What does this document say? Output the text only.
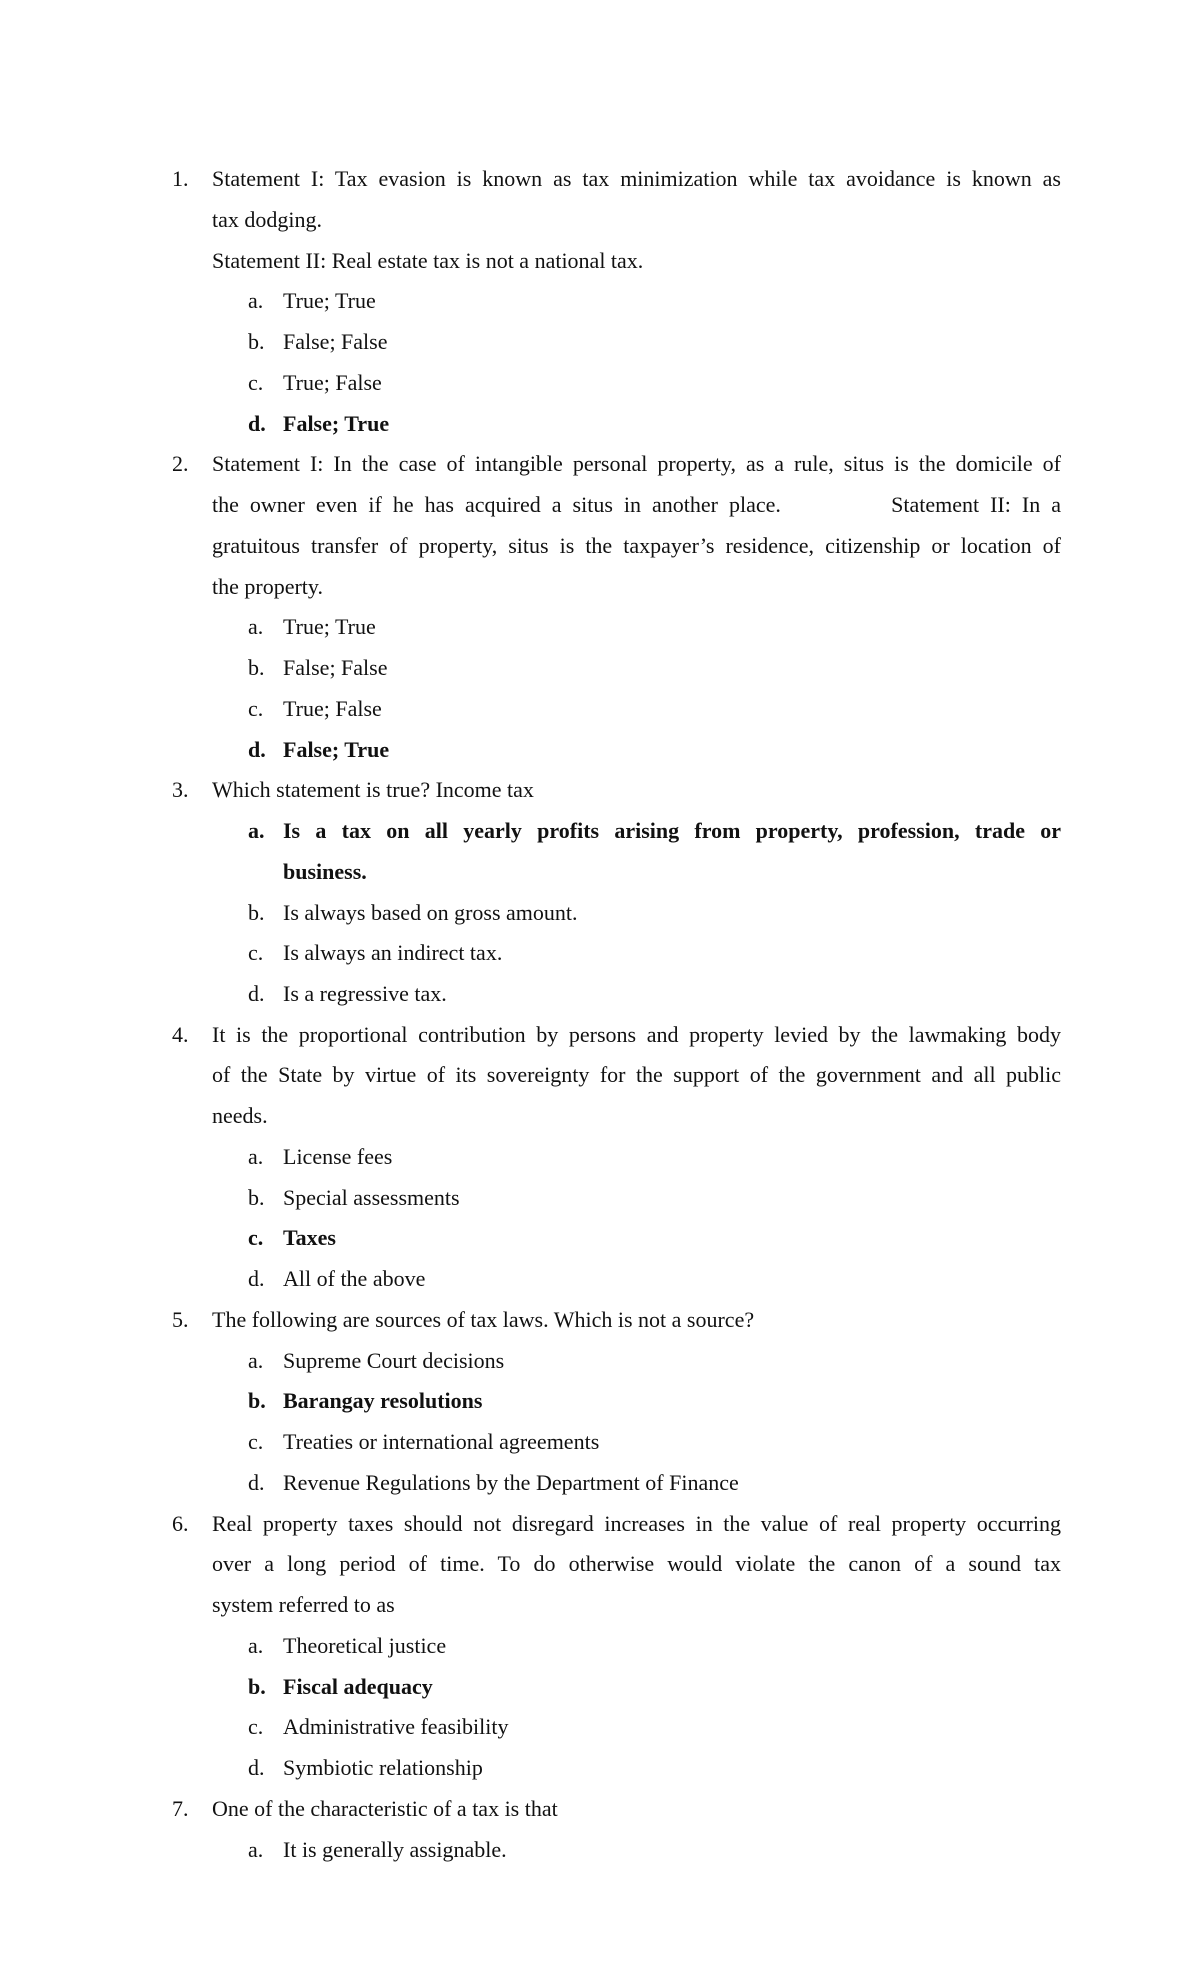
1. Statement I: Tax evasion is known as tax minimization while tax avoidance is known as
tax dodging.
Statement II: Real estate tax is not a national tax.
a. True; True
b. False; False
c. True; False
d. False; True
2. Statement I: In the case of intangible personal property, as a rule, situs is the domicile of
the owner even if he has acquired a situs in another place.          Statement II: In a
gratuitous transfer of property, situs is the taxpayer’s residence, citizenship or location of
the property.
a. True; True
b. False; False
c. True; False
d. False; True
3. Which statement is true? Income tax
a. Is a tax on all yearly profits arising from property, profession, trade or
business.
b. Is always based on gross amount.
c. Is always an indirect tax.
d. Is a regressive tax.
4. It is the proportional contribution by persons and property levied by the lawmaking body
of the State by virtue of its sovereignty for the support of the government and all public
needs.
a. License fees
b. Special assessments
c. Taxes
d. All of the above
5. The following are sources of tax laws. Which is not a source?
a. Supreme Court decisions
b. Barangay resolutions
c. Treaties or international agreements
d. Revenue Regulations by the Department of Finance
6. Real property taxes should not disregard increases in the value of real property occurring
over a long period of time. To do otherwise would violate the canon of a sound tax
system referred to as
a. Theoretical justice
b. Fiscal adequacy
c. Administrative feasibility
d. Symbiotic relationship
7. One of the characteristic of a tax is that
a. It is generally assignable.
